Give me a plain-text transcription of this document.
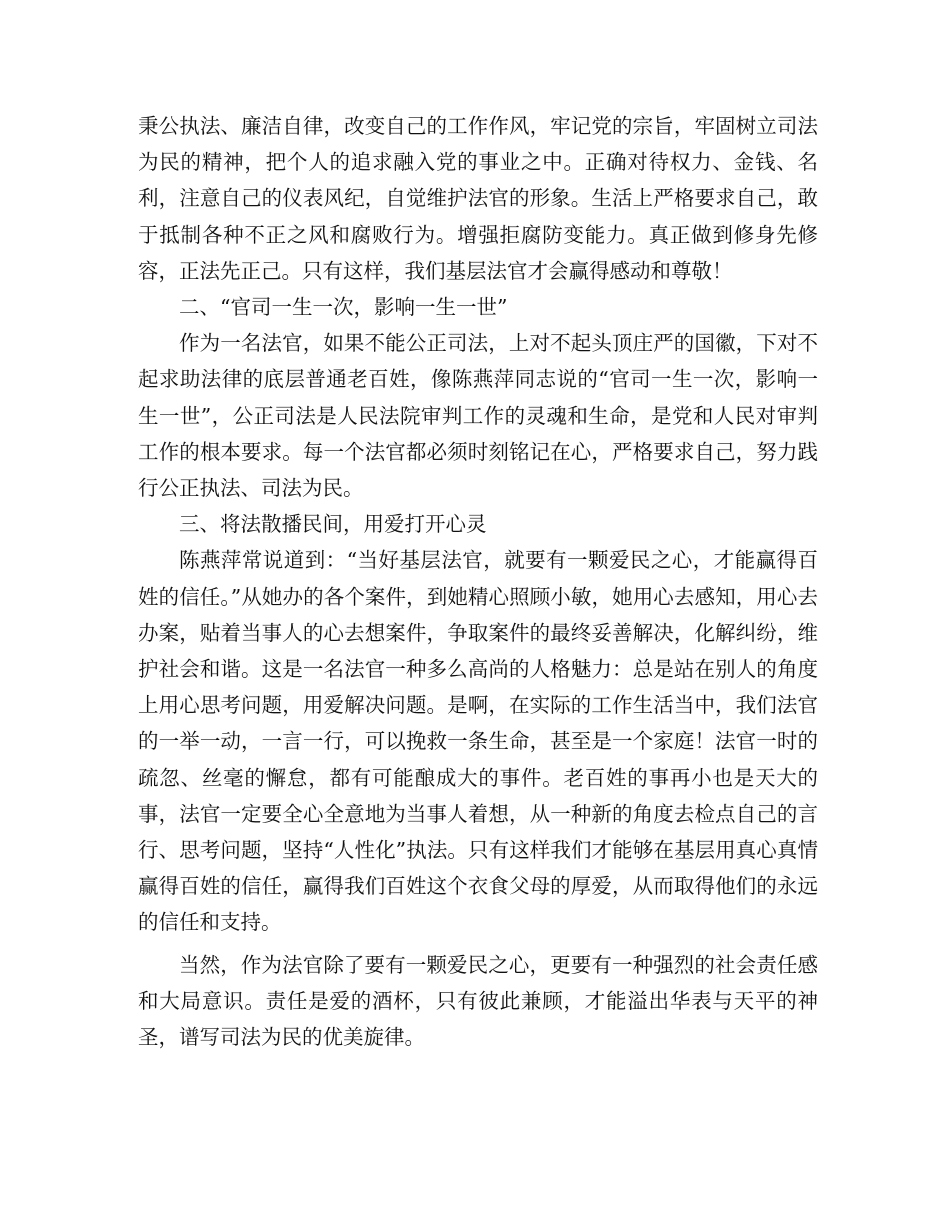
秉公执法、廉洁自律，改变自己的工作作风，牢记党的宗旨，牢固树立司法为民的精神，把个人的追求融入党的事业之中。正确对待权力、金钱、名利，注意自己的仪表风纪，自觉维护法官的形象。生活上严格要求自己，敢于抵制各种不正之风和腐败行为。增强拒腐防变能力。真正做到修身先修容，正法先正己。只有这样，我们基层法官才会赢得感动和尊敬！

二、“官司一生一次，影响一生一世”

作为一名法官，如果不能公正司法，上对不起头顶庄严的国徽，下对不起求助法律的底层普通老百姓，像陈燕萍同志说的“官司一生一次，影响一生一世”，公正司法是人民法院审判工作的灵魂和生命，是党和人民对审判工作的根本要求。每一个法官都必须时刻铭记在心，严格要求自己，努力践行公正执法、司法为民。

三、将法散播民间，用爱打开心灵

陈燕萍常说道到：“当好基层法官，就要有一颗爱民之心，才能赢得百姓的信任。”从她办的各个案件，到她精心照顾小敏，她用心去感知，用心去办案，贴着当事人的心去想案件，争取案件的最终妥善解决，化解纠纷，维护社会和谐。这是一名法官一种多么高尚的人格魅力：总是站在别人的角度上用心思考问题，用爱解决问题。是啊，在实际的工作生活当中，我们法官的一举一动，一言一行，可以挽救一条生命，甚至是一个家庭！法官一时的疏忽、丝毫的懈怠，都有可能酿成大的事件。老百姓的事再小也是天大的事，法官一定要全心全意地为当事人着想，从一种新的角度去检点自己的言行、思考问题，坚持“人性化”执法。只有这样我们才能够在基层用真心真情赢得百姓的信任，赢得我们百姓这个衣食父母的厚爱，从而取得他们的永远的信任和支持。

当然，作为法官除了要有一颗爱民之心，更要有一种强烈的社会责任感和大局意识。责任是爱的酒杯，只有彼此兼顾，才能溢出华表与天平的神圣，谱写司法为民的优美旋律。
